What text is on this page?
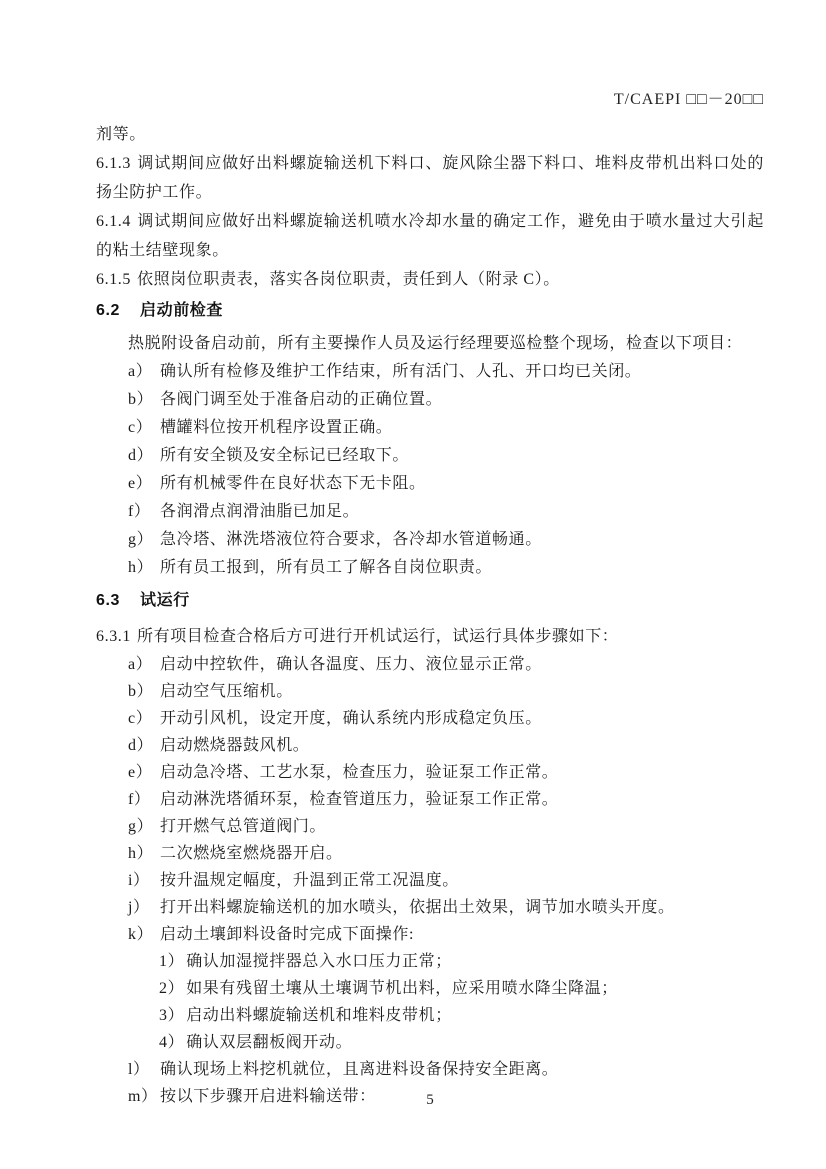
T/CAEPI □□－20□□

剂等。

6.1.3 调试期间应做好出料螺旋输送机下料口、旋风除尘器下料口、堆料皮带机出料口处的扬尘防护工作。

6.1.4 调试期间应做好出料螺旋输送机喷水冷却水量的确定工作，避免由于喷水量过大引起的粘土结壁现象。

6.1.5 依照岗位职责表，落实各岗位职责，责任到人（附录 C）。

6.2 启动前检查

热脱附设备启动前，所有主要操作人员及运行经理要巡检整个现场，检查以下项目：

a） 确认所有检修及维护工作结束，所有活门、人孔、开口均已关闭。
b） 各阀门调至处于准备启动的正确位置。
c） 槽罐料位按开机程序设置正确。
d） 所有安全锁及安全标记已经取下。
e） 所有机械零件在良好状态下无卡阻。
f） 各润滑点润滑油脂已加足。
g） 急冷塔、淋洗塔液位符合要求，各冷却水管道畅通。
h） 所有员工报到，所有员工了解各自岗位职责。
6.3 试运行

6.3.1 所有项目检查合格后方可进行开机试运行，试运行具体步骤如下：

a） 启动中控软件，确认各温度、压力、液位显示正常。
b） 启动空气压缩机。
c） 开动引风机，设定开度，确认系统内形成稳定负压。
d） 启动燃烧器鼓风机。
e） 启动急冷塔、工艺水泵，检查压力，验证泵工作正常。
f） 启动淋洗塔循环泵，检查管道压力，验证泵工作正常。
g） 打开燃气总管道阀门。
h） 二次燃烧室燃烧器开启。
i） 按升温规定幅度，升温到正常工况温度。
j） 打开出料螺旋输送机的加水喷头，依据出土效果，调节加水喷头开度。
k） 启动土壤卸料设备时完成下面操作:
1） 确认加湿搅拌器总入水口压力正常；
2） 如果有残留土壤从土壤调节机出料，应采用喷水降尘降温；
3） 启动出料螺旋输送机和堆料皮带机；
4） 确认双层翻板阀开动。
l） 确认现场上料挖机就位，且离进料设备保持安全距离。
m） 按以下步骤开启进料输送带：	5
